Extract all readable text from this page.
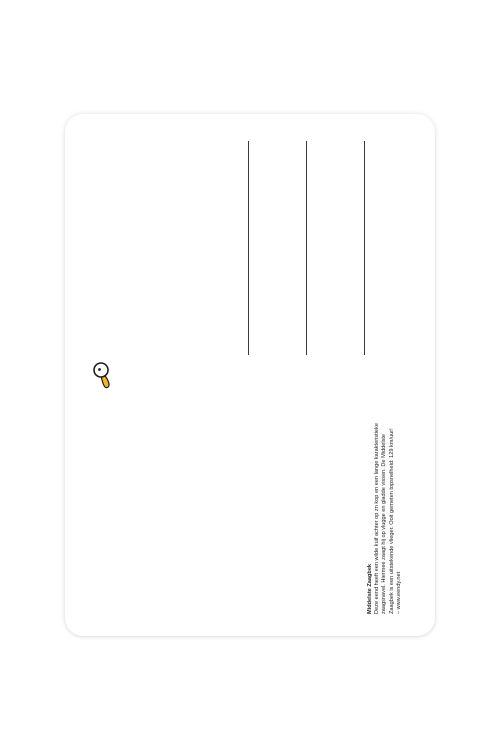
Middelste Zaagbek Deze eend heeft een wilde kuif achter op zn kop en een lange karakteristieke zaagsnavel. Hiermee zaagt hij op vlugge en gladde vissen. De Middelste Zaagbek is een uitstekende vlieger. Ooit gemeten topsnelheid: 129 km/uur! – www.eendy.net
